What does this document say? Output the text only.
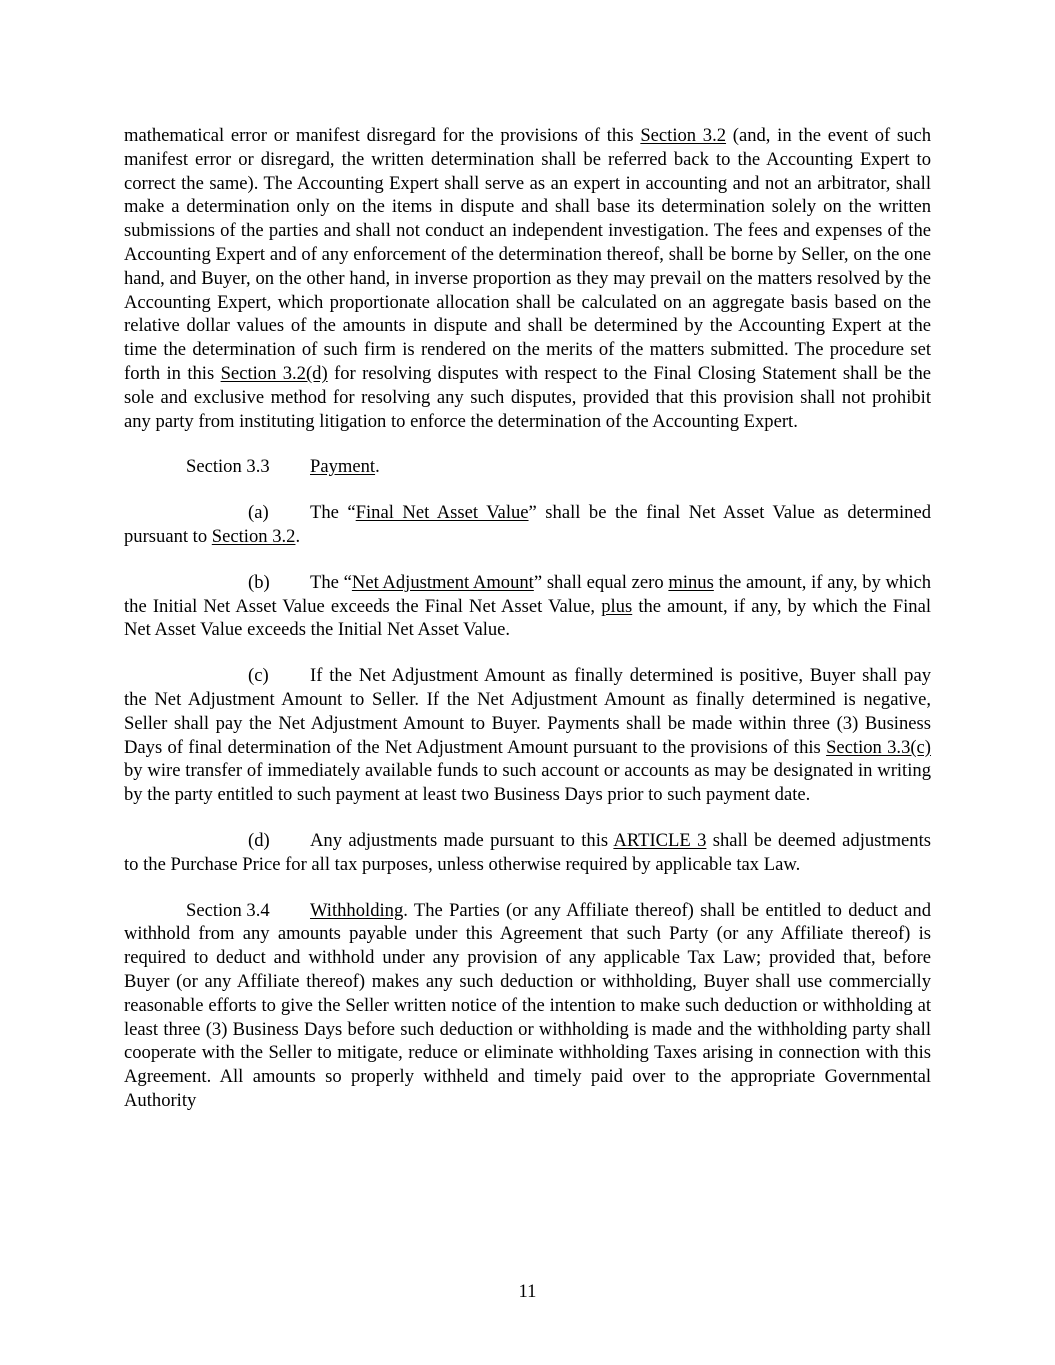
mathematical error or manifest disregard for the provisions of this Section 3.2 (and, in the event of such manifest error or disregard, the written determination shall be referred back to the Accounting Expert to correct the same). The Accounting Expert shall serve as an expert in accounting and not an arbitrator, shall make a determination only on the items in dispute and shall base its determination solely on the written submissions of the parties and shall not conduct an independent investigation. The fees and expenses of the Accounting Expert and of any enforcement of the determination thereof, shall be borne by Seller, on the one hand, and Buyer, on the other hand, in inverse proportion as they may prevail on the matters resolved by the Accounting Expert, which proportionate allocation shall be calculated on an aggregate basis based on the relative dollar values of the amounts in dispute and shall be determined by the Accounting Expert at the time the determination of such firm is rendered on the merits of the matters submitted. The procedure set forth in this Section 3.2(d) for resolving disputes with respect to the Final Closing Statement shall be the sole and exclusive method for resolving any such disputes, provided that this provision shall not prohibit any party from instituting litigation to enforce the determination of the Accounting Expert.

Section 3.3 Payment.

(a) The “Final Net Asset Value” shall be the final Net Asset Value as determined pursuant to Section 3.2.

(b) The “Net Adjustment Amount” shall equal zero minus the amount, if any, by which the Initial Net Asset Value exceeds the Final Net Asset Value, plus the amount, if any, by which the Final Net Asset Value exceeds the Initial Net Asset Value.

(c) If the Net Adjustment Amount as finally determined is positive, Buyer shall pay the Net Adjustment Amount to Seller. If the Net Adjustment Amount as finally determined is negative, Seller shall pay the Net Adjustment Amount to Buyer. Payments shall be made within three (3) Business Days of final determination of the Net Adjustment Amount pursuant to the provisions of this Section 3.3(c) by wire transfer of immediately available funds to such account or accounts as may be designated in writing by the party entitled to such payment at least two Business Days prior to such payment date.

(d) Any adjustments made pursuant to this ARTICLE 3 shall be deemed adjustments to the Purchase Price for all tax purposes, unless otherwise required by applicable tax Law.

Section 3.4 Withholding. The Parties (or any Affiliate thereof) shall be entitled to deduct and withhold from any amounts payable under this Agreement that such Party (or any Affiliate thereof) is required to deduct and withhold under any provision of any applicable Tax Law; provided that, before Buyer (or any Affiliate thereof) makes any such deduction or withholding, Buyer shall use commercially reasonable efforts to give the Seller written notice of the intention to make such deduction or withholding at least three (3) Business Days before such deduction or withholding is made and the withholding party shall cooperate with the Seller to mitigate, reduce or eliminate withholding Taxes arising in connection with this Agreement. All amounts so properly withheld and timely paid over to the appropriate Governmental Authority

11
